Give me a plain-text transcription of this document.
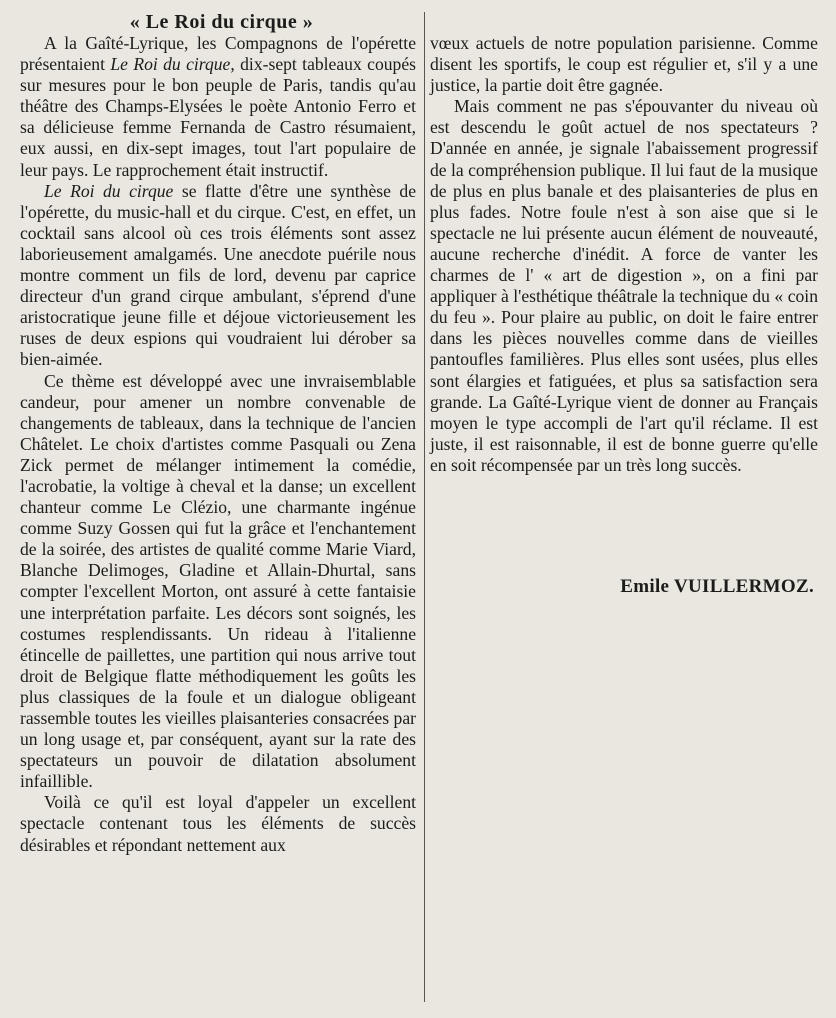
« Le Roi du cirque »

A la Gaîté-Lyrique, les Compagnons de l'opérette présentaient Le Roi du cirque, dix-sept tableaux coupés sur mesures pour le bon peuple de Paris, tandis qu'au théâtre des Champs-Elysées le poète Antonio Ferro et sa délicieuse femme Fernanda de Castro résumaient, eux aussi, en dix-sept images, tout l'art populaire de leur pays. Le rapprochement était instructif.

Le Roi du cirque se flatte d'être une synthèse de l'opérette, du music-hall et du cirque. C'est, en effet, un cocktail sans alcool où ces trois éléments sont assez laborieusement amalgamés. Une anecdote puérile nous montre comment un fils de lord, devenu par caprice directeur d'un grand cirque ambulant, s'éprend d'une aristocratique jeune fille et déjoue victorieusement les ruses de deux espions qui voudraient lui dérober sa bien-aimée.

Ce thème est développé avec une invraisemblable candeur, pour amener un nombre convenable de changements de tableaux, dans la technique de l'ancien Châtelet. Le choix d'artistes comme Pasquali ou Zena Zick permet de mélanger intimement la comédie, l'acrobatie, la voltige à cheval et la danse; un excellent chanteur comme Le Clézio, une charmante ingénue comme Suzy Gossen qui fut la grâce et l'enchantement de la soirée, des artistes de qualité comme Marie Viard, Blanche Delimoges, Gladine et Allain-Dhurtal, sans compter l'excellent Morton, ont assuré à cette fantaisie une interprétation parfaite. Les décors sont soignés, les costumes resplendissants. Un rideau à l'italienne étincelle de paillettes, une partition qui nous arrive tout droit de Belgique flatte méthodiquement les goûts les plus classiques de la foule et un dialogue obligeant rassemble toutes les vieilles plaisanteries consacrées par un long usage et, par conséquent, ayant sur la rate des spectateurs un pouvoir de dilatation absolument infaillible.

Voilà ce qu'il est loyal d'appeler un excellent spectacle contenant tous les éléments de succès désirables et répondant nettement aux

vœux actuels de notre population parisienne. Comme disent les sportifs, le coup est régulier et, s'il y a une justice, la partie doit être gagnée.

Mais comment ne pas s'épouvanter du niveau où est descendu le goût actuel de nos spectateurs ? D'année en année, je signale l'abaissement progressif de la compréhension publique. Il lui faut de la musique de plus en plus banale et des plaisanteries de plus en plus fades. Notre foule n'est à son aise que si le spectacle ne lui présente aucun élément de nouveauté, aucune recherche d'inédit. A force de vanter les charmes de l' « art de digestion », on a fini par appliquer à l'esthétique théâtrale la technique du « coin du feu ». Pour plaire au public, on doit le faire entrer dans les pièces nouvelles comme dans de vieilles pantoufles familières. Plus elles sont usées, plus elles sont élargies et fatiguées, et plus sa satisfaction sera grande. La Gaîté-Lyrique vient de donner au Français moyen le type accompli de l'art qu'il réclame. Il est juste, il est raisonnable, il est de bonne guerre qu'elle en soit récompensée par un très long succès.

Emile VUILLERMOZ.
